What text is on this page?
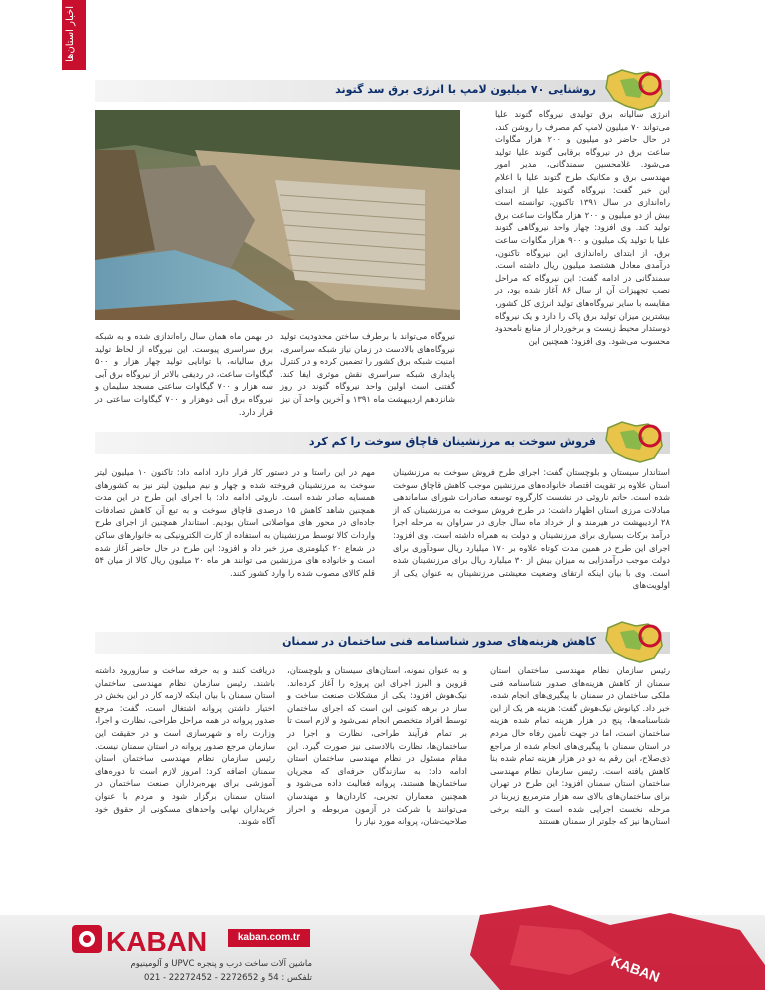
اخبار استان‌ها
روشنایی ۷۰ میلیون لامپ با انرژی برق سد گتوند
انرژی سالیانه برق تولیدی نیروگاه گتوند علیا می‌تواند ۷۰ میلیون لامپ کم مصرف را روشن کند، در حال حاضر دو میلیون و ۲۰۰ هزار مگاوات ساعت برق در نیروگاه برقابی گتوند علیا تولید می‌شود. غلامحسین سمندگانی، مدیر امور مهندسی برق و مکانیک طرح گتوند علیا با اعلام این خبر گفت: نیروگاه گتوند علیا از ابتدای راه‌اندازی در سال ۱۳۹۱ تاکنون، توانسته است بیش از دو میلیون و ۲۰۰ هزار مگاوات ساعت برق تولید کند. وی افزود: چهار واحد نیروگاهی گتوند علیا با تولید یک میلیون و ۹۰۰ هزار مگاوات ساعت برق، از ابتدای راه‌اندازی این نیروگاه تاکنون، درآمدی معادل هشتصد میلیون ریال داشته است. سمندگانی در ادامه گفت: این نیروگاه که مراحل نصب تجهیزات آن از سال ۸۶ آغاز شده بود، در مقایسه با سایر نیروگاه‌های تولید انرژی کل کشور، بیشترین میزان تولید برق پاک را دارد و یک نیروگاه دوستدار محیط زیست و برخوردار از منابع نامحدود محسوب می‌شود. وی افزود: همچنین این
نیروگاه می‌تواند با برطرف ساختن محدودیت تولید نیروگاه‌های بالادست در زمان نیاز شبکه سراسری، امنیت شبکه برق کشور را تضمین کرده و در کنترل پایداری شبکه سراسری نقش موثری ایفا کند. گفتنی است اولین واحد نیروگاه گتوند در روز شانزدهم اردیبهشت ماه ۱۳۹۱ و آخرین واحد آن نیز
در بهمن ماه همان سال راه‌اندازی شده و به شبکه برق سراسری پیوست. این نیروگاه از لحاظ تولید برق سالیانه، با توانایی تولید چهار هزار و ۵۰۰ گیگاوات ساعت، در ردیفی بالاتر از نیروگاه برق آبی سه هزار و ۷۰۰ گیگاوات ساعتی مسجد سلیمان و نیروگاه برق آبی دوهزار و ۷۰۰ گیگاوات ساعتی در قرار دارد.
فروش سوخت به مرزنشینان قاچاق سوخت را کم کرد
استاندار سیستان و بلوچستان گفت: اجرای طرح فروش سوخت به مرزنشینان استان علاوه بر تقویت اقتصاد خانواده‌های مرزنشین موجب کاهش قاچاق سوخت شده است. حاتم ناروئی در نشست کارگروه توسعه صادرات شورای ساماندهی مبادلات مرزی استان اظهار داشت: در طرح فروش سوخت به مرزنشینان که از ۲۸ اردیبهشت در هیرمند و از خرداد ماه سال جاری در سراوان به مرحله اجرا درآمد برکات بسیاری برای مرزنشینان و دولت به همراه داشته است. وی افزود: اجرای این طرح در همین مدت کوتاه علاوه بر ۱۷۰ میلیارد ریال سودآوری برای دولت موجب درآمدزایی به میزان بیش از ۳۰ میلیارد ریال برای مرزنشینان شده است. وی با بیان اینکه ارتقای وضعیت معیشتی مرزنشینان به عنوان یکی از اولویت‌های
مهم در این راستا و در دستور کار قرار دارد ادامه داد: تاکنون ۱۰ میلیون لیتر سوخت به مرزنشینان فروخته شده و چهار و نیم میلیون لیتر نیز به کشورهای همسایه صادر شده است. ناروئی ادامه داد: با اجرای این طرح در این مدت همچنین شاهد کاهش ۱۵ درصدی قاچاق سوخت و به تبع آن کاهش تصادفات جاده‌ای در محور های مواصلاتی استان بودیم. استاندار همچنین از اجرای طرح واردات کالا توسط مرزنشینان به استفاده از کارت الکترونیکی به خانوارهای ساکن در شعاع ۲۰ کیلومتری مرز خبر داد و افزود: این طرح در حال حاضر آغاز شده است و خانواده های مرزنشین می توانند هر ماه ۲۰ میلیون ریال کالا از میان ۵۴ قلم کالای مصوب شده را وارد کشور کنند.
کاهش هزینه‌های صدور شناسنامه فنی ساختمان در سمنان
رئیس سازمان نظام مهندسی ساختمان استان سمنان از کاهش هزینه‌های صدور شناسنامه فنی ملکی ساختمان در سمنان با پیگیری‌های انجام شده، خبر داد. کیانوش نیک‌هوش گفت: هزینه هر یک از این شناسنامه‌ها، پنج در هزار هزینه تمام شده هزینه ساختمان است، اما در جهت تأمین رفاه حال مردم در استان سمنان با پیگیری‌های انجام شده از مراجع ذی‌صلاح، این رقم به دو در هزار هزینه تمام شده بنا کاهش یافته است. رئیس سازمان نظام مهندسی ساختمان استان سمنان افزود: این طرح در تهران برای ساختمان‌های بالای سه هزار مترمربع زیربنا در مرحله نخست اجرایی شده است و البته برخی استان‌ها نیز که جلوتر از سمنان هستند
و به عنوان نمونه، استان‌های سیستان و بلوچستان، قزوین و البرز اجرای این پروژه را آغاز کرده‌اند. نیک‌هوش افزود: یکی از مشکلات صنعت ساخت و ساز در برهه کنونی این است که اجرای ساختمان توسط افراد متخصص انجام نمی‌شود و لازم است تا بر تمام فرآیند طراحی، نظارت و اجرا در ساختمان‌ها، نظارت بالادستی نیز صورت گیرد. این مقام مسئول در نظام مهندسی ساختمان استان ادامه داد: به سازندگان حرفه‌ای که مجریان ساختمان‌ها هستند، پروانه فعالیت داده می‌شود و همچنین معماران تجربی، کاردان‌ها و مهندسان می‌توانند با شرکت در آزمون مربوطه و احراز صلاحیت‌شان، پروانه مورد نیاز را
دریافت کنند و به حرفه ساخت و سازورود داشته باشند. رئیس سازمان نظام مهندسی ساختمان استان سمنان با بیان اینکه لازمه کار در این بخش در اختیار داشتن پروانه اشتغال است، گفت: مرجع صدور پروانه در همه مراحل طراحی، نظارت و اجرا، وزارت راه و شهرسازی است و در حقیقت این سازمان مرجع صدور پروانه در استان سمنان نیست. رئیس سازمان نظام مهندسی ساختمان استان سمنان اضافه کرد: امروز لازم است تا دوره‌های آموزشی برای بهره‌برداران صنعت ساختمان در استان سمنان برگزار شود و مردم با عنوان خریداران نهایی واحدهای مسکونی از حقوق خود آگاه شوند.
KABAN
KABAN	kaban.com.tr
ماشین آلات ساخت درب و پنجره UPVC و آلومینیوم
تلفکس : 54 و 2272652 - 22272452 - 021
